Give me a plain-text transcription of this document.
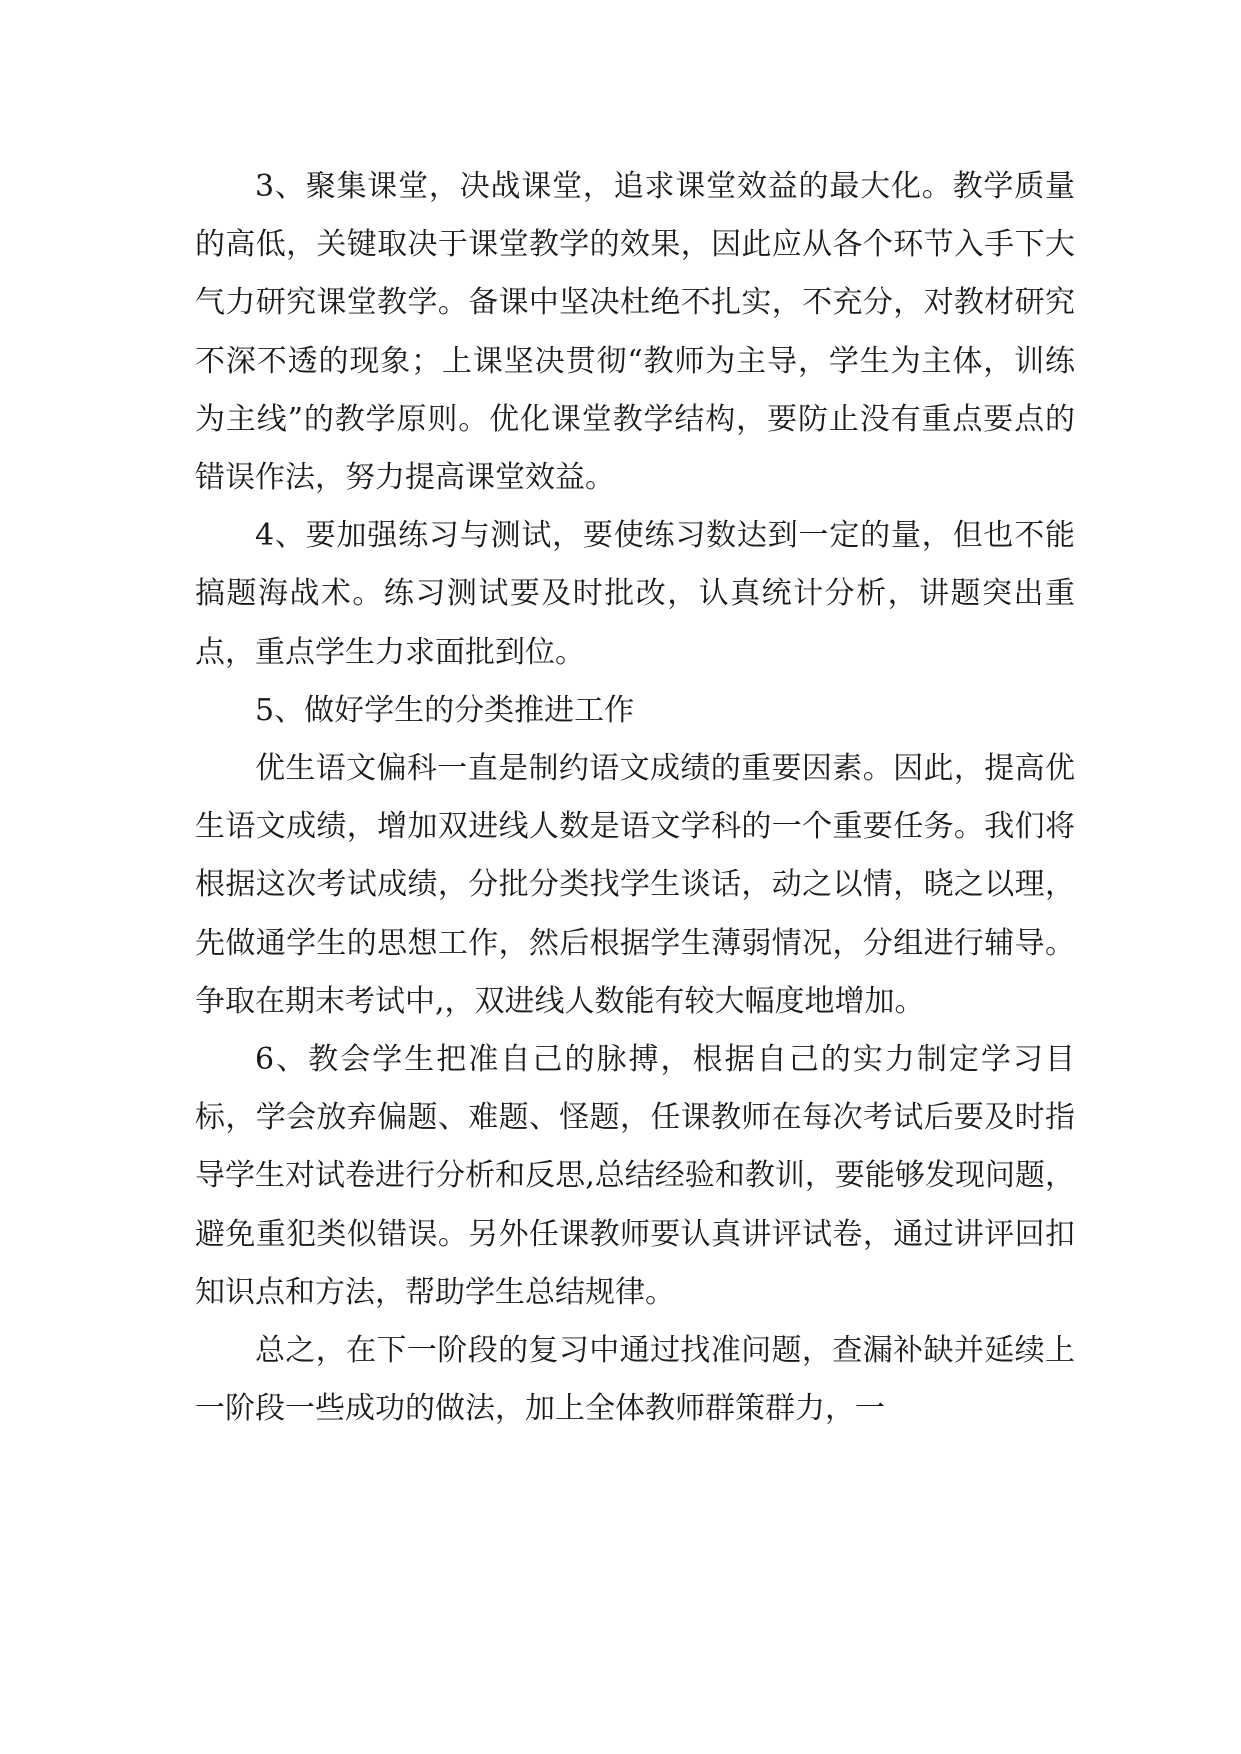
3、聚集课堂，决战课堂，追求课堂效益的最大化。教学质量的高低，关键取决于课堂教学的效果，因此应从各个环节入手下大气力研究课堂教学。备课中坚决杜绝不扎实，不充分，对教材研究不深不透的现象；上课坚决贯彻“教师为主导，学生为主体，训练为主线”的教学原则。优化课堂教学结构，要防止没有重点要点的错误作法，努力提高课堂效益。

4、要加强练习与测试，要使练习数达到一定的量，但也不能搞题海战术。练习测试要及时批改，认真统计分析，讲题突出重点，重点学生力求面批到位。

5、做好学生的分类推进工作

优生语文偏科一直是制约语文成绩的重要因素。因此，提高优生语文成绩，增加双进线人数是语文学科的一个重要任务。我们将根据这次考试成绩，分批分类找学生谈话，动之以情，晓之以理，先做通学生的思想工作，然后根据学生薄弱情况，分组进行辅导。争取在期末考试中,，双进线人数能有较大幅度地增加。

6、教会学生把准自己的脉搏，根据自己的实力制定学习目标，学会放弃偏题、难题、怪题，任课教师在每次考试后要及时指导学生对试卷进行分析和反思,总结经验和教训，要能够发现问题，避免重犯类似错误。另外任课教师要认真讲评试卷，通过讲评回扣知识点和方法，帮助学生总结规律。

总之，在下一阶段的复习中通过找准问题，查漏补缺并延续上一阶段一些成功的做法，加上全体教师群策群力，一
